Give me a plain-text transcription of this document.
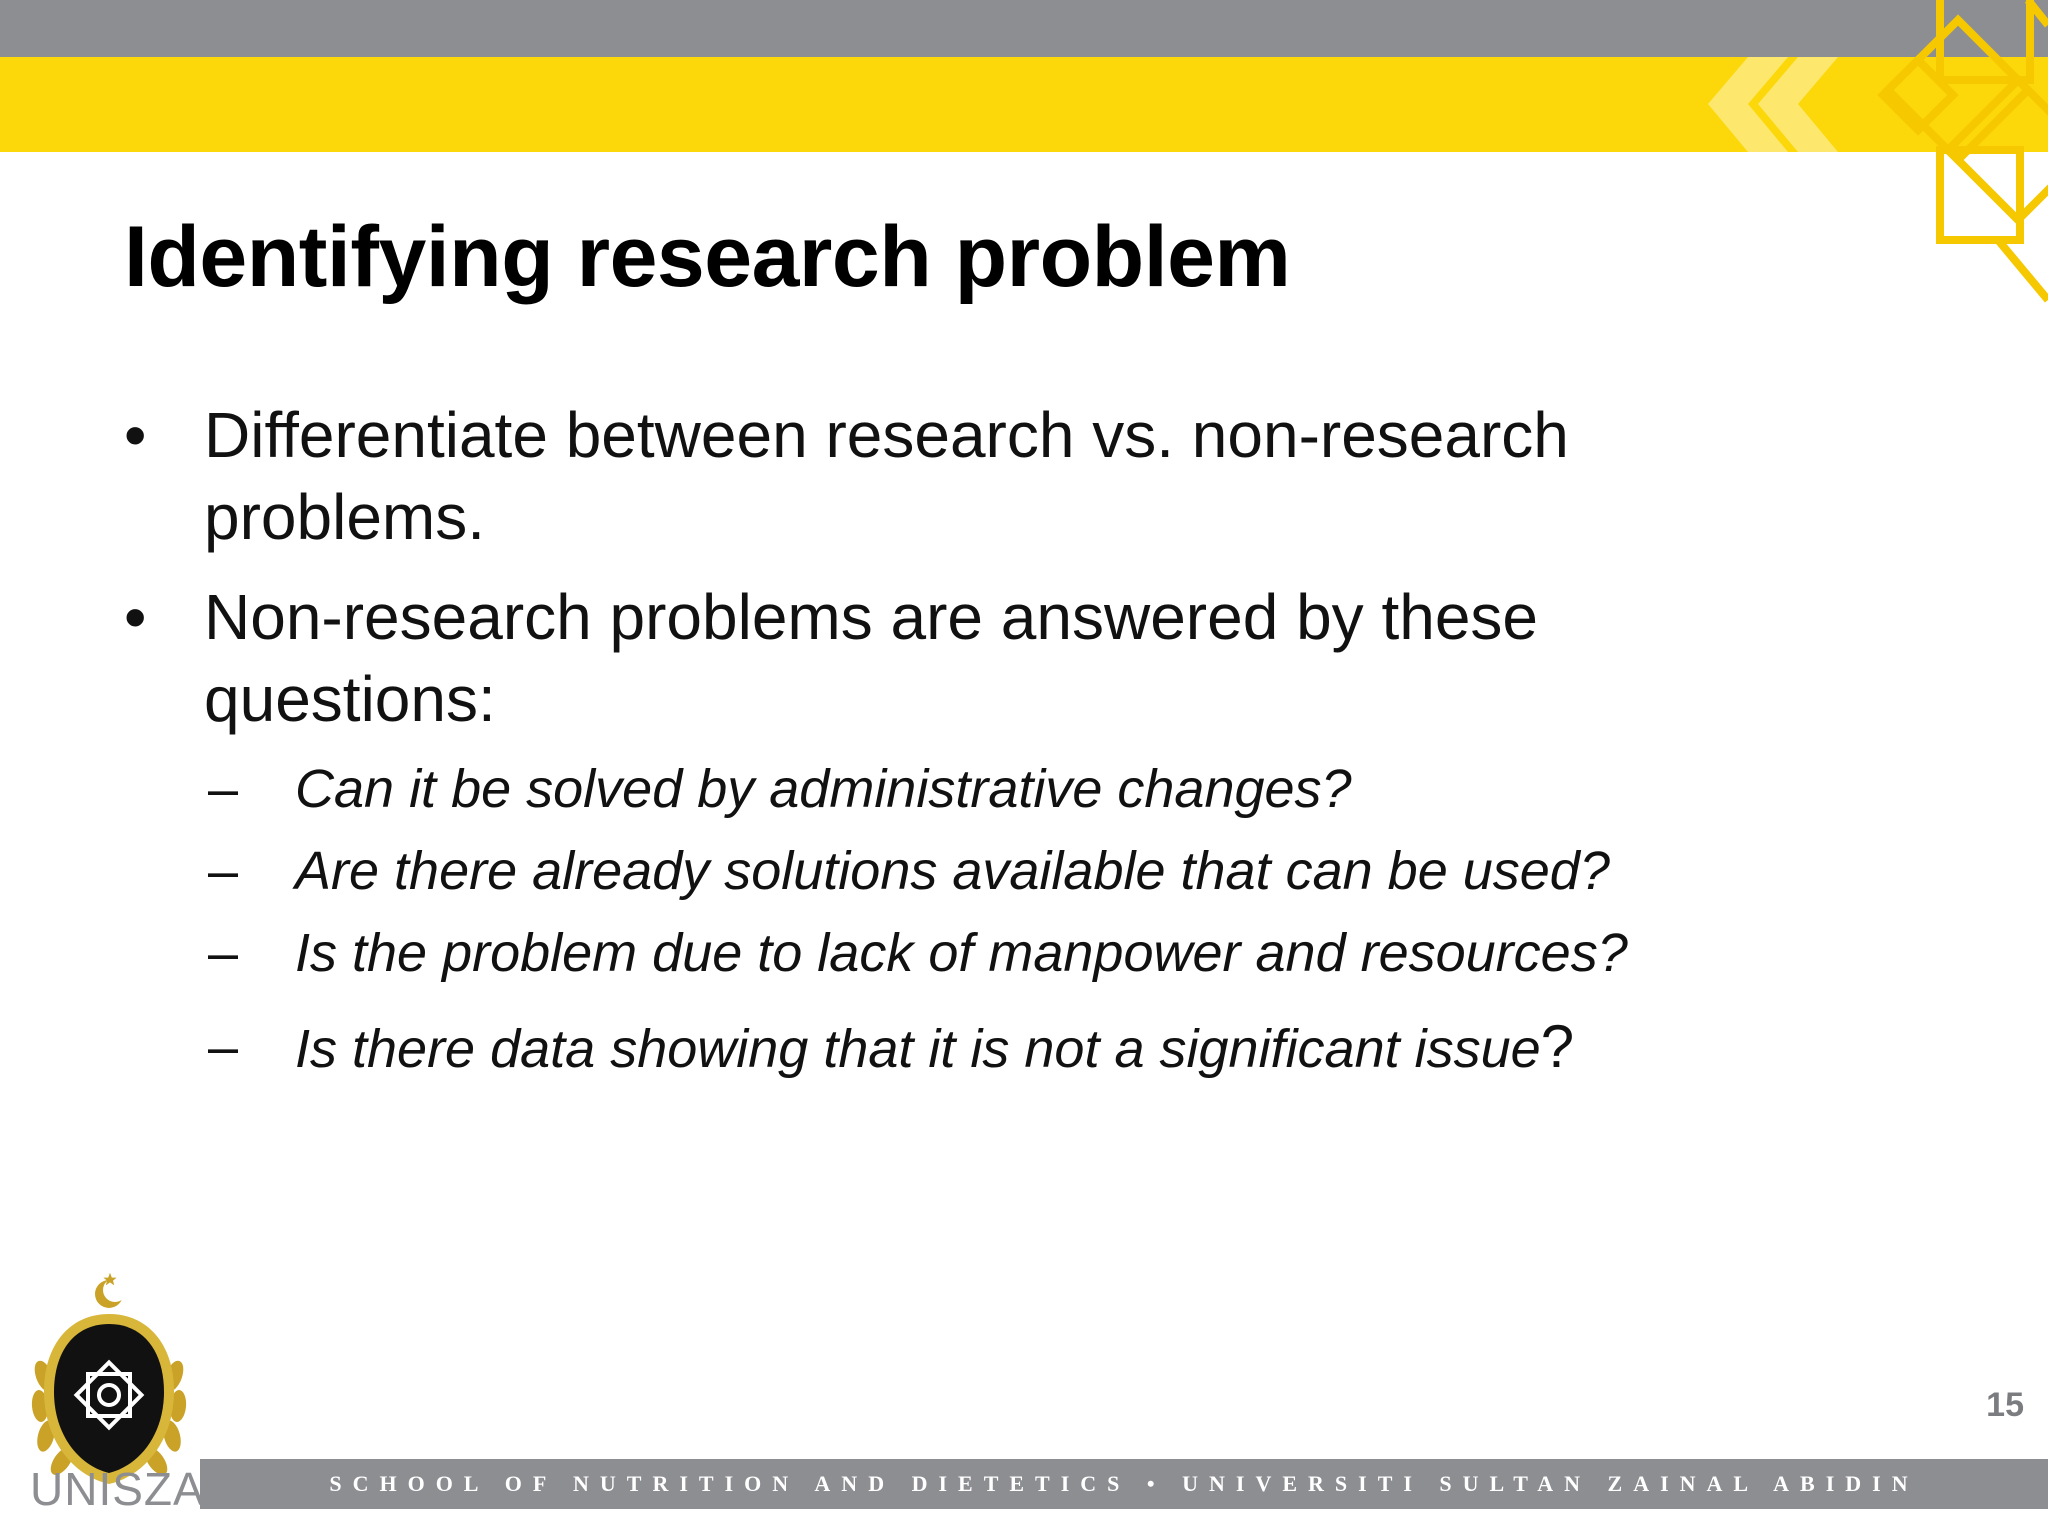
Identifying research problem
• Differentiate between research vs. non-research problems.
• Non-research problems are answered by these questions:
– Can it be solved by administrative changes?
– Are there already solutions available that can be used?
– Is the problem due to lack of manpower and resources?
– Is there data showing that it is not a significant issue?
15
SCHOOL OF NUTRITION AND DIETETICS • UNIVERSITI SULTAN ZAINAL ABIDIN
UNISZA
